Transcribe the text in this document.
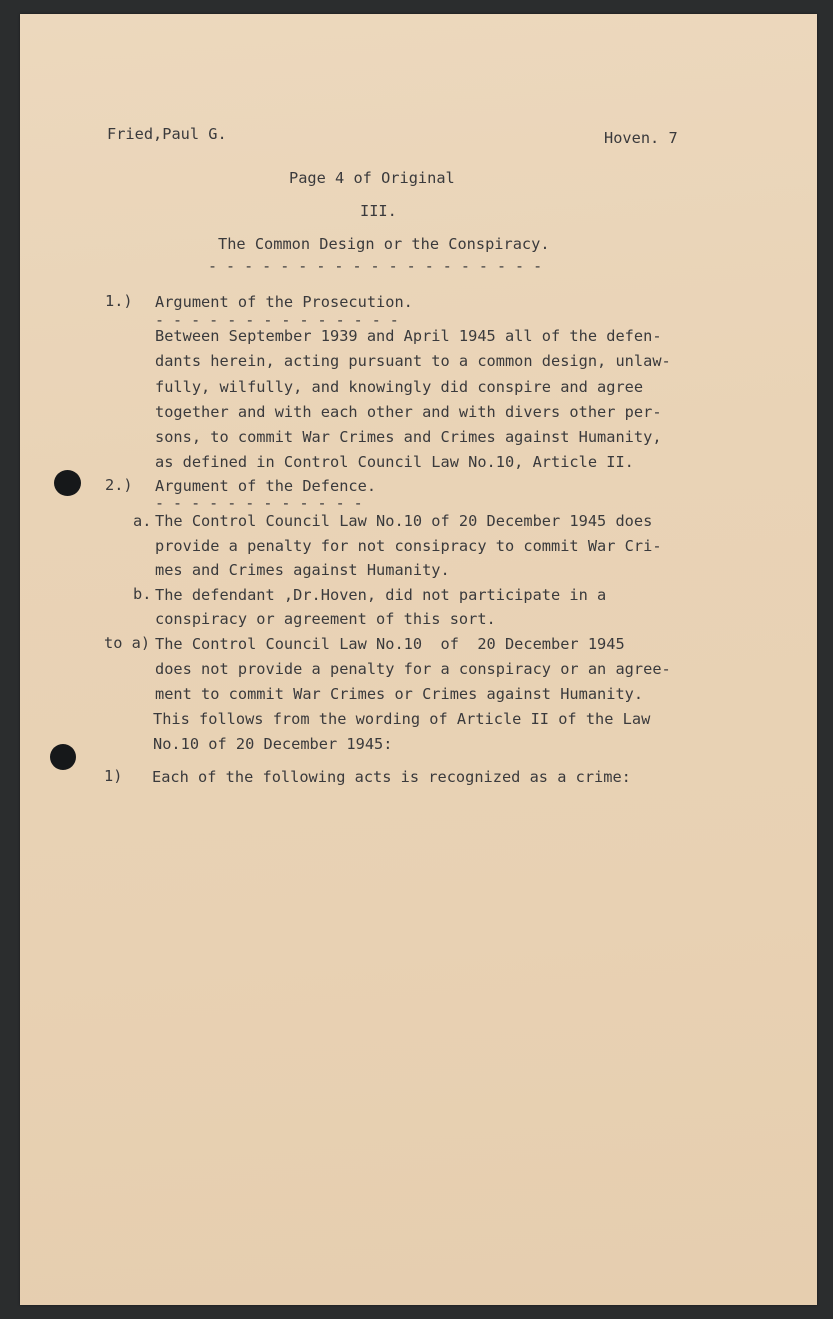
Fried,Paul G.	Hoven. 7
Page 4 of Original
III.
The Common Design or the Conspiracy.
- - - - - - - - - - - - - - - - - - -
1.) Argument of the Prosecution.
- - - - - - - - - - - - - -
Between September 1939 and April 1945 all of the defen-
dants herein, acting pursuant to a common design, unlaw-
fully, wilfully, and knowingly did conspire and agree
together and with each other and with divers other per-
sons, to commit War Crimes and Crimes against Humanity,
as defined in Control Council Law No.10, Article II.
2.) Argument of the Defence.
- - - - - - - - - - - -
a. The Control Council Law No.10 of 20 December 1945 does
provide a penalty for not consipracy to commit War Cri-
mes and Crimes against Humanity.
b. The defendant ,Dr.Hoven, did not participate in a
conspiracy or agreement of this sort.
to a) The Control Council Law No.10  of  20 December 1945
does not provide a penalty for a conspiracy or an agree-
ment to commit War Crimes or Crimes against Humanity.
This follows from the wording of Article II of the Law
No.10 of 20 December 1945:
1) Each of the following acts is recognized as a crime:
